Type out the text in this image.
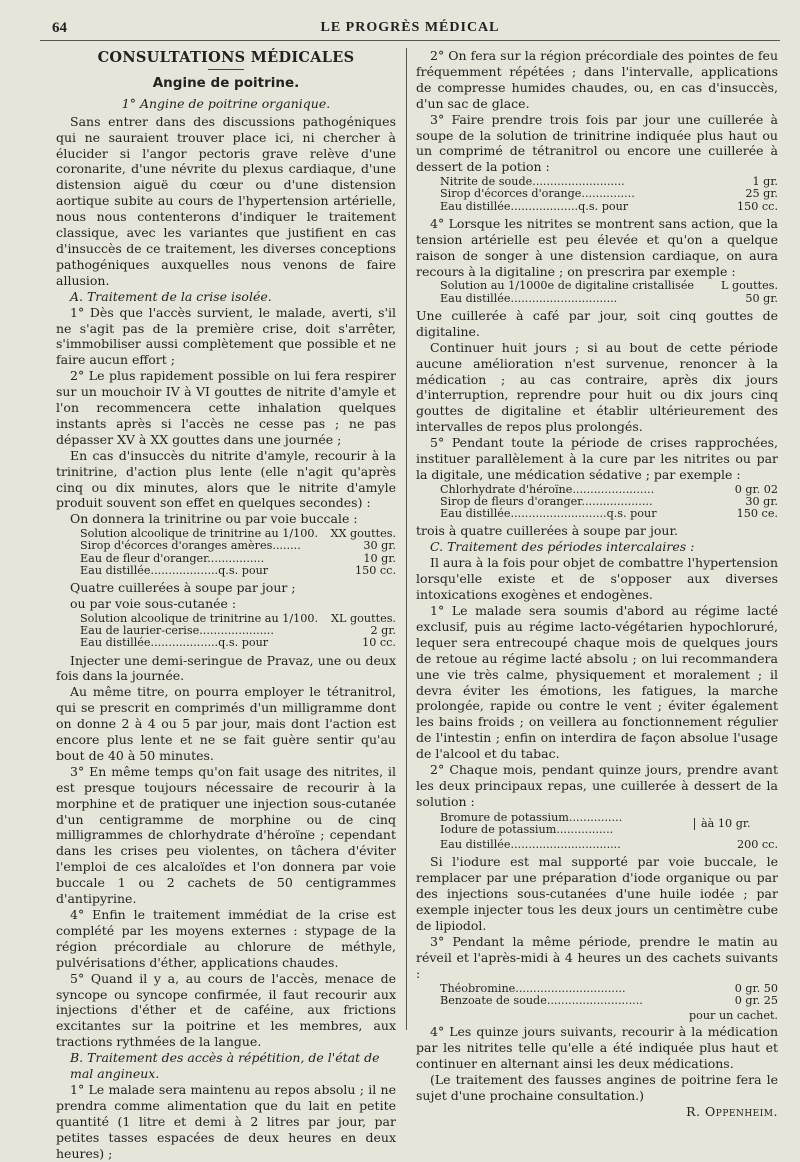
64	LE PROGRÈS MÉDICAL
CONSULTATIONS MÉDICALES
Angine de poitrine.
1° Angine de poitrine organique.

Sans entrer dans des discussions pathogéniques qui ne sauraient trouver place ici, ni chercher à élucider si l'angor pectoris grave relève d'une coronarite, d'une névrite du plexus cardiaque, d'une distension aiguë du cœur ou d'une distension aortique subite au cours de l'hypertension artérielle, nous nous contenterons d'indiquer le traitement classique, avec les variantes que justifient en cas d'insuccès de ce traitement, les diverses conceptions pathogéniques auxquelles nous venons de faire allusion.

A. Traitement de la crise isolée.

1° Dès que l'accès survient, le malade, averti, s'il ne s'agit pas de la première crise, doit s'arrêter, s'immobiliser aussi complètement que possible et ne faire aucun effort ;

2° Le plus rapidement possible on lui fera respirer sur un mouchoir IV à VI gouttes de nitrite d'amyle et l'on recommencera cette inhalation quelques instants après si l'accès ne cesse pas ; ne pas dépasser XV à XX gouttes dans une journée ;

En cas d'insuccès du nitrite d'amyle, recourir à la trinitrine, d'action plus lente (elle n'agit qu'après cinq ou dix minutes, alors que le nitrite d'amyle produit souvent son effet en quelques secondes) :

On donnera la trinitrine ou par voie buccale :

Solution alcoolique de trinitrine au 1/100.	XX gouttes.
Sirop d'écorces d'oranges amères........	30 gr.
Eau de fleur d'oranger................	10 gr.
Eau distillée...................q.s. pour	150 cc.

Quatre cuillerées à soupe par jour ;

ou par voie sous-cutanée :

Solution alcoolique de trinitrine au 1/100.	XL gouttes.
Eau de laurier-cerise.....................	2 gr.
Eau distillée...................q.s. pour	10 cc.

Injecter une demi-seringue de Pravaz, une ou deux fois dans la journée.

Au même titre, on pourra employer le tétranitrol, qui se prescrit en comprimés d'un milligramme dont on donne 2 à 4 ou 5 par jour, mais dont l'action est encore plus lente et ne se fait guère sentir qu'au bout de 40 à 50 minutes.

3° En même temps qu'on fait usage des nitrites, il est presque toujours nécessaire de recourir à la morphine et de pratiquer une injection sous-cutanée d'un centigramme de morphine ou de cinq milligrammes de chlorhydrate d'héroïne ; cependant dans les crises peu violentes, on tâchera d'éviter l'emploi de ces alcaloïdes et l'on donnera par voie buccale 1 ou 2 cachets de 50 centigrammes d'antipyrine.

4° Enfin le traitement immédiat de la crise est complété par les moyens externes : stypage de la région précordiale au chlorure de méthyle, pulvérisations d'éther, applications chaudes.

5° Quand il y a, au cours de l'accès, menace de syncope ou syncope confirmée, il faut recourir aux injections d'éther et de caféine, aux frictions excitantes sur la poitrine et les membres, aux tractions rythmées de la langue.

B. Traitement des accès à répétition, de l'état de mal angineux.

1° Le malade sera maintenu au repos absolu ; il ne prendra comme alimentation que du lait en petite quantité (1 litre et demi à 2 litres par jour, par petites tasses espacées de deux heures en deux heures) ;

2° On fera sur la région précordiale des pointes de feu fréquemment répétées ; dans l'intervalle, applications de compresse humides chaudes, ou, en cas d'insuccès, d'un sac de glace.

3° Faire prendre trois fois par jour une cuillerée à soupe de la solution de trinitrine indiquée plus haut ou un comprimé de tétranitrol ou encore une cuillerée à dessert de la potion :

Nitrite de soude..........................	1 gr.
Sirop d'écorces d'orange...............	25 gr.
Eau distillée...................q.s. pour	150 cc.

4° Lorsque les nitrites se montrent sans action, que la tension artérielle est peu élevée et qu'on a quelque raison de songer à une distension cardiaque, on aura recours à la digitaline ; on prescrira par exemple :

Solution au 1/1000e de digitaline cristallisée	L gouttes.
Eau distillée..............................	50 gr.

Une cuillerée à café par jour, soit cinq gouttes de digitaline.

Continuer huit jours ; si au bout de cette période aucune amélioration n'est survenue, renoncer à la médication ; au cas contraire, après dix jours d'interruption, reprendre pour huit ou dix jours cinq gouttes de digitaline et établir ultérieurement des intervalles de repos plus prolongés.

5° Pendant toute la période de crises rapprochées, instituer parallèlement à la cure par les nitrites ou par la digitale, une médication sédative ; par exemple :

Chlorhydrate d'héroïne.......................	0 gr. 02
Sirop de fleurs d'oranger....................	30 gr.
Eau distillée...........................q.s. pour	150 ce.

trois à quatre cuillerées à soupe par jour.

C. Traitement des périodes intercalaires :

Il aura à la fois pour objet de combattre l'hypertension lorsqu'elle existe et de s'opposer aux diverses intoxications exogènes et endogènes.

1° Le malade sera soumis d'abord au régime lacté exclusif, puis au régime lacto-végétarien hypochloruré, lequer sera entrecoupé chaque mois de quelques jours de retoue au régime lacté absolu ; on lui recommandera une vie très calme, physiquement et moralement ; il devra éviter les émotions, les fatigues, la marche prolongée, rapide ou contre le vent ; éviter également les bains froids ; on veillera au fonctionnement régulier de l'intestin ; enfin on interdira de façon absolue l'usage de l'alcool et du tabac.

2° Chaque mois, pendant quinze jours, prendre avant les deux principaux repas, une cuillerée à dessert de la solution :

Bromure de potassium...............
Iodure de potassium................	àà 10 gr.
Eau distillée...............................	200 cc.

Si l'iodure est mal supporté par voie buccale, le remplacer par une préparation d'iode organique ou par des injections sous-cutanées d'une huile iodée ; par exemple injecter tous les deux jours un centimètre cube de lipiodol.

3° Pendant la même période, prendre le matin au réveil et l'après-midi à 4 heures un des cachets suivants :

Théobromine...............................	0 gr. 50
Benzoate de soude...........................	0 gr. 25
pour un cachet.

4° Les quinze jours suivants, recourir à la médication par les nitrites telle qu'elle a été indiquée plus haut et continuer en alternant ainsi les deux médications.

(Le traitement des fausses angines de poitrine fera le sujet d'une prochaine consultation.)

R. Oppenheim.
